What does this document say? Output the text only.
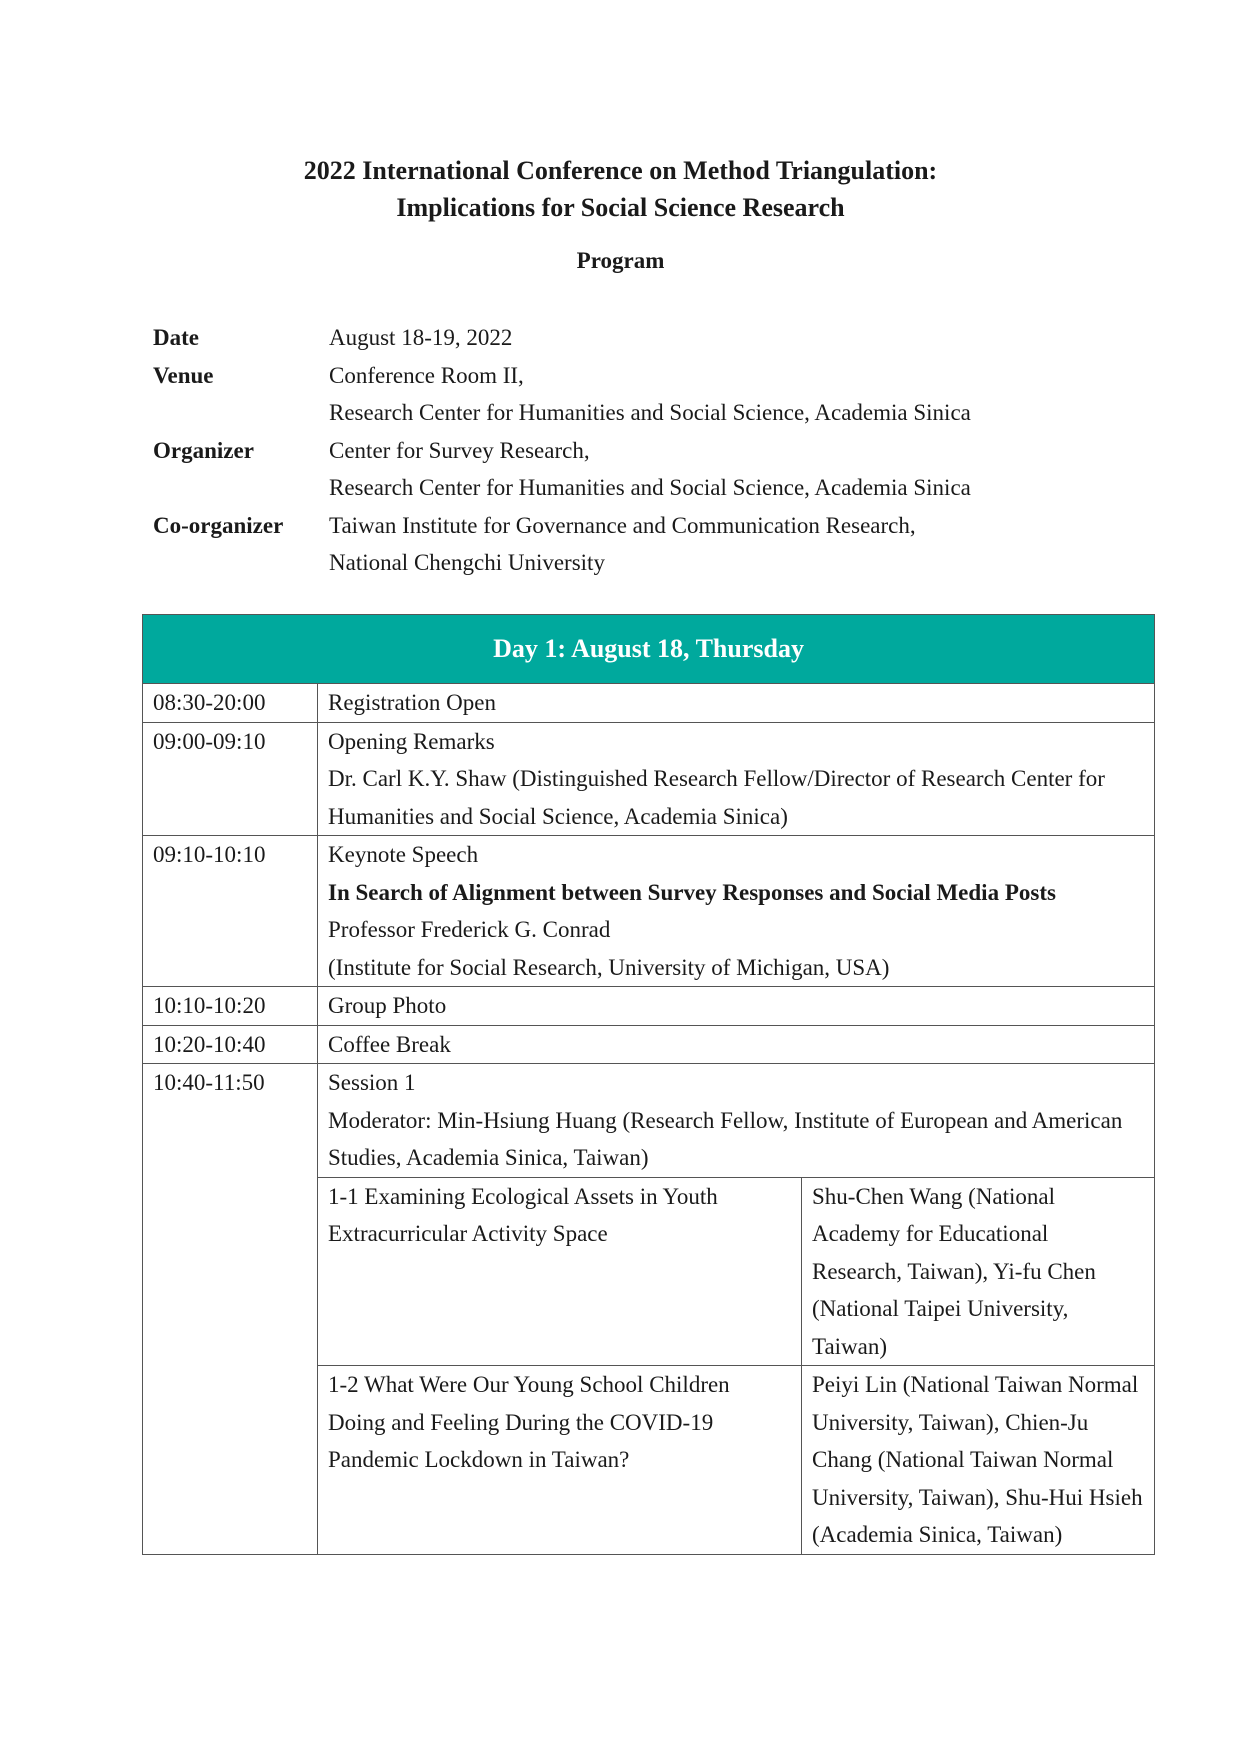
2022 International Conference on Method Triangulation:
Implications for Social Science Research
Program
Date	August 18-19, 2022
Venue	Conference Room II,
Research Center for Humanities and Social Science, Academia Sinica
Organizer	Center for Survey Research,
Research Center for Humanities and Social Science, Academia Sinica
Co-organizer	Taiwan Institute for Governance and Communication Research,
National Chengchi University
Day 1: August 18, Thursday		
08:30-20:00	Registration Open	
09:00-09:10	Opening Remarks
Dr. Carl K.Y. Shaw (Distinguished Research Fellow/Director of Research Center for Humanities and Social Science, Academia Sinica)	

09:10-10:10	Keynote Speech
In Search of Alignment between Survey Responses and Social Media Posts
Professor Frederick G. Conrad
(Institute for Social Research, University of Michigan, USA)	

10:10-10:20	Group Photo	
10:20-10:40	Coffee Break	
10:40-11:50	Session 1
Moderator: Min-Hsiung Huang (Research Fellow, Institute of European and American Studies, Academia Sinica, Taiwan)	

	1-1 Examining Ecological Assets in Youth Extracurricular Activity Space	Shu-Chen Wang (National Academy for Educational Research, Taiwan), Yi-fu Chen (National Taipei University, Taiwan)
	1-2 What Were Our Young School Children Doing and Feeling During the COVID-19 Pandemic Lockdown in Taiwan?	Peiyi Lin (National Taiwan Normal University, Taiwan), Chien-Ju Chang (National Taiwan Normal University, Taiwan), Shu-Hui Hsieh (Academia Sinica, Taiwan)
